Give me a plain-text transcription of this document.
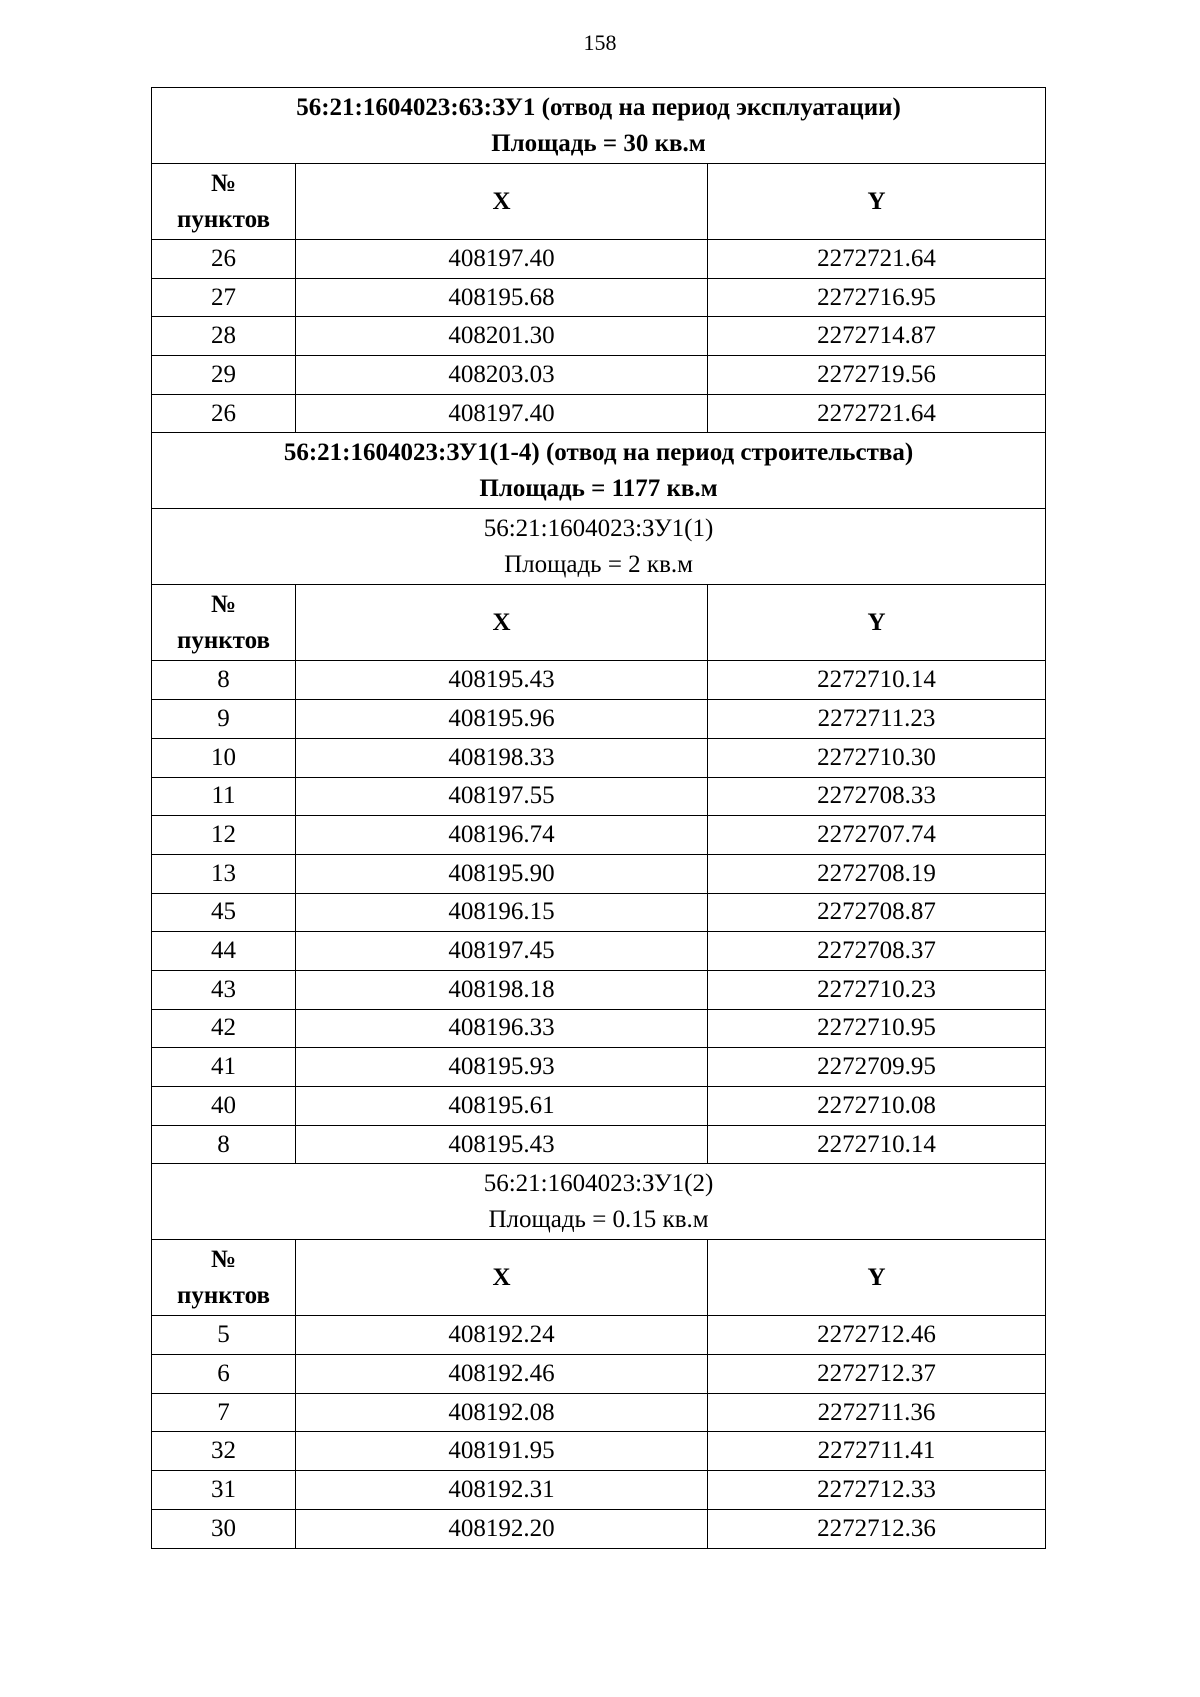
158
56:21:1604023:63:ЗУ1 (отвод на период эксплуатации)
Площадь = 30 кв.м		

№
пунктов	X	Y
26	408197.40	2272721.64
27	408195.68	2272716.95
28	408201.30	2272714.87
29	408203.03	2272719.56
26	408197.40	2272721.64

56:21:1604023:ЗУ1(1-4) (отвод на период строительства)
Площадь = 1177 кв.м		

56:21:1604023:ЗУ1(1)
Площадь = 2 кв.м		

№
пунктов	X	Y
8	408195.43	2272710.14
9	408195.96	2272711.23
10	408198.33	2272710.30
11	408197.55	2272708.33
12	408196.74	2272707.74
13	408195.90	2272708.19
45	408196.15	2272708.87
44	408197.45	2272708.37
43	408198.18	2272710.23
42	408196.33	2272710.95
41	408195.93	2272709.95
40	408195.61	2272710.08
8	408195.43	2272710.14

56:21:1604023:ЗУ1(2)
Площадь = 0.15 кв.м		

№
пунктов	X	Y
5	408192.24	2272712.46
6	408192.46	2272712.37
7	408192.08	2272711.36
32	408191.95	2272711.41
31	408192.31	2272712.33
30	408192.20	2272712.36
